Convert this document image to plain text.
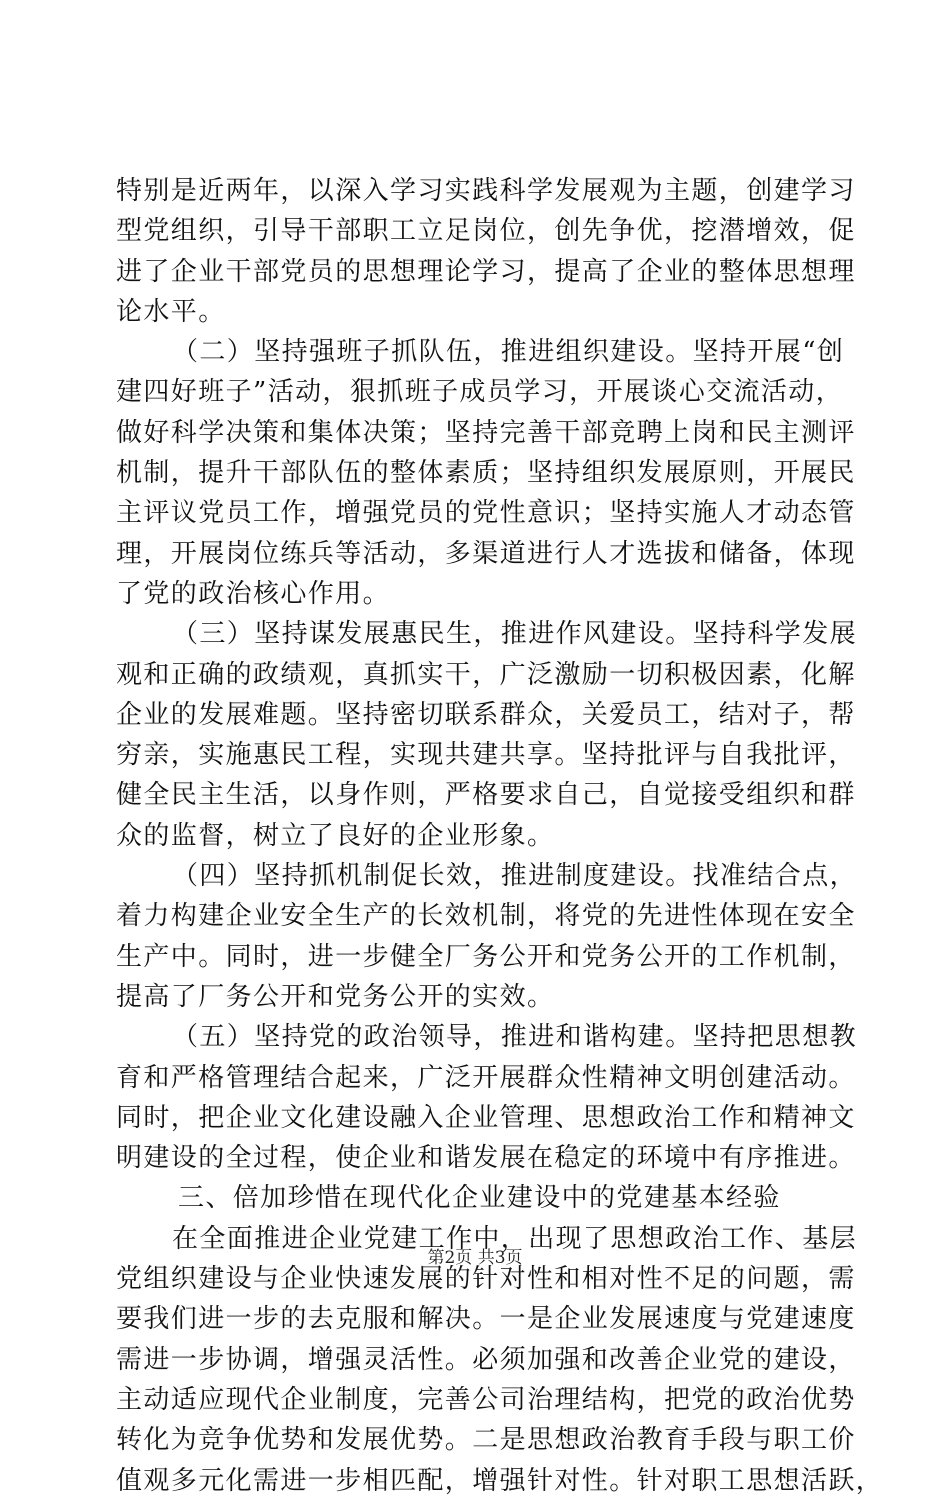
特别是近两年，以深入学习实践科学发展观为主题，创建学习
型党组织，引导干部职工立足岗位，创先争优，挖潜增效，促
进了企业干部党员的思想理论学习，提高了企业的整体思想理
论水平。
（二）坚持强班子抓队伍，推进组织建设。坚持开展“创
建四好班子”活动，狠抓班子成员学习，开展谈心交流活动，
做好科学决策和集体决策；坚持完善干部竞聘上岗和民主测评
机制，提升干部队伍的整体素质；坚持组织发展原则，开展民
主评议党员工作，增强党员的党性意识；坚持实施人才动态管
理，开展岗位练兵等活动，多渠道进行人才选拔和储备，体现
了党的政治核心作用。
（三）坚持谋发展惠民生，推进作风建设。坚持科学发展
观和正确的政绩观，真抓实干，广泛激励一切积极因素，化解
企业的发展难题。坚持密切联系群众，关爱员工，结对子，帮
穷亲，实施惠民工程，实现共建共享。坚持批评与自我批评，
健全民主生活，以身作则，严格要求自己，自觉接受组织和群
众的监督，树立了良好的企业形象。
（四）坚持抓机制促长效，推进制度建设。找准结合点，
着力构建企业安全生产的长效机制，将党的先进性体现在安全
生产中。同时，进一步健全厂务公开和党务公开的工作机制，
提高了厂务公开和党务公开的实效。
（五）坚持党的政治领导，推进和谐构建。坚持把思想教
育和严格管理结合起来，广泛开展群众性精神文明创建活动。
同时，把企业文化建设融入企业管理、思想政治工作和精神文
明建设的全过程，使企业和谐发展在稳定的环境中有序推进。
三、倍加珍惜在现代化企业建设中的党建基本经验
在全面推进企业党建工作中，出现了思想政治工作、基层
党组织建设与企业快速发展的针对性和相对性不足的问题，需
要我们进一步的去克服和解决。一是企业发展速度与党建速度
需进一步协调，增强灵活性。必须加强和改善企业党的建设，
主动适应现代企业制度，完善公司治理结构，把党的政治优势
转化为竞争优势和发展优势。二是思想政治教育手段与职工价
值观多元化需进一步相匹配，增强针对性。针对职工思想活跃，
第2页 共3页
